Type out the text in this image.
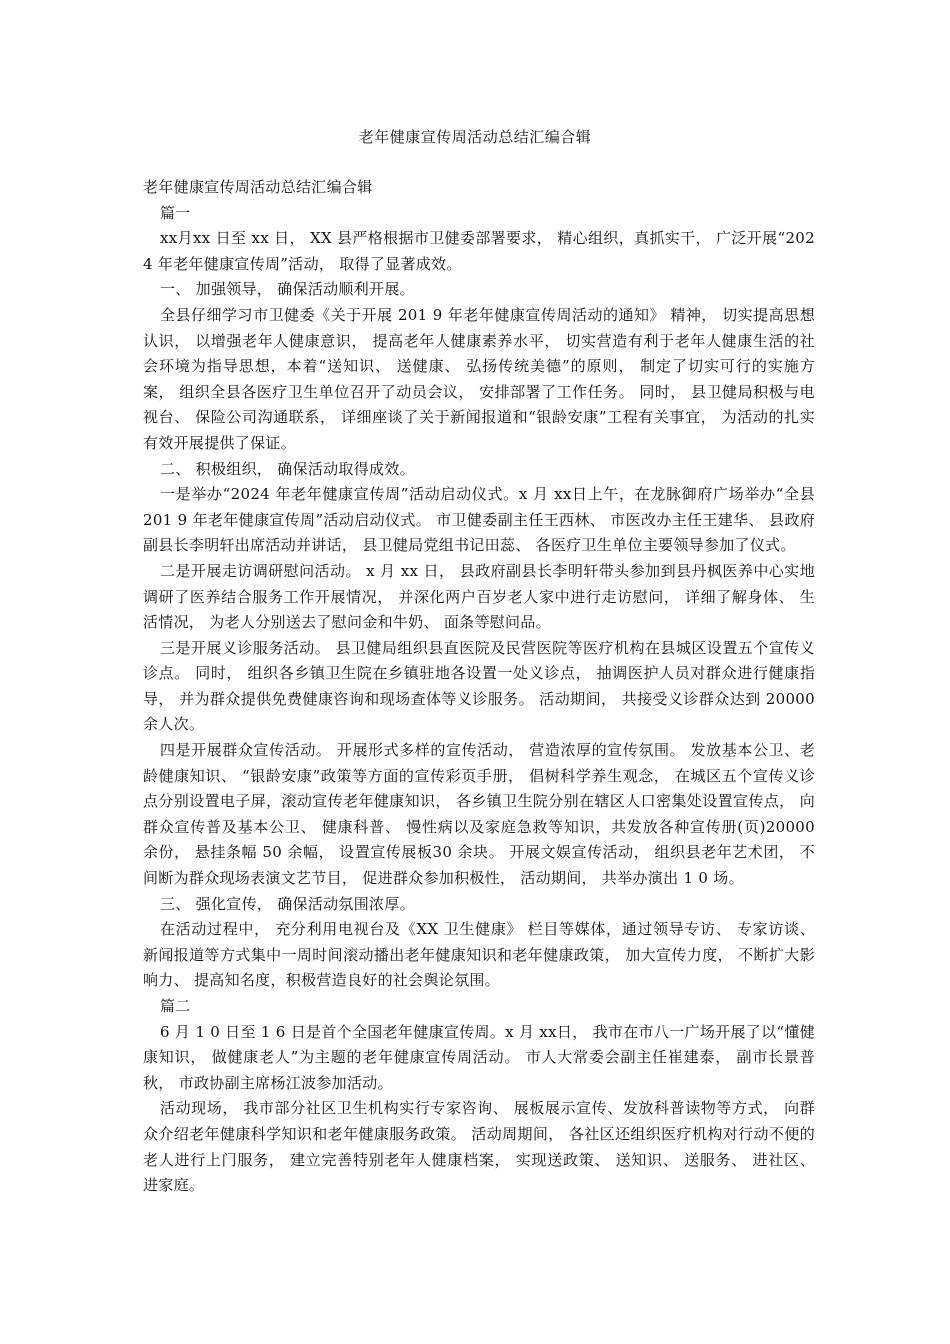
老年健康宣传周活动总结汇编合辑

老年健康宣传周活动总结汇编合辑

篇一

xx月xx 日至 xx 日， XX 县严格根据市卫健委部署要求， 精心组织，真抓实干， 广泛开展“2024 年老年健康宣传周”活动， 取得了显著成效。

一、 加强领导， 确保活动顺利开展。

全县仔细学习市卫健委《关于开展 201 9 年老年健康宣传周活动的通知》 精神， 切实提高思想认识， 以增强老年人健康意识， 提高老年人健康素养水平， 切实营造有利于老年人健康生活的社会环境为指导思想，本着“送知识、 送健康、 弘扬传统美德”的原则， 制定了切实可行的实施方案， 组织全县各医疗卫生单位召开了动员会议， 安排部署了工作任务。 同时， 县卫健局积极与电视台、 保险公司沟通联系， 详细座谈了关于新闻报道和“银龄安康”工程有关事宜， 为活动的扎实有效开展提供了保证。

二、 积极组织， 确保活动取得成效。

一是举办“2024 年老年健康宣传周”活动启动仪式。x 月 xx日上午，在龙脉御府广场举办“全县 201 9 年老年健康宣传周”活动启动仪式。 市卫健委副主任王西林、 市医改办主任王建华、 县政府副县长李明轩出席活动并讲话， 县卫健局党组书记田蕊、 各医疗卫生单位主要领导参加了仪式。

二是开展走访调研慰问活动。 x 月 xx 日， 县政府副县长李明轩带头参加到县丹枫医养中心实地调研了医养结合服务工作开展情况， 并深化两户百岁老人家中进行走访慰问， 详细了解身体、 生活情况， 为老人分别送去了慰问金和牛奶、 面条等慰问品。

三是开展义诊服务活动。 县卫健局组织县直医院及民营医院等医疗机构在县城区设置五个宣传义诊点。 同时， 组织各乡镇卫生院在乡镇驻地各设置一处义诊点， 抽调医护人员对群众进行健康指导， 并为群众提供免费健康咨询和现场查体等义诊服务。 活动期间， 共接受义诊群众达到 20000 余人次。

四是开展群众宣传活动。 开展形式多样的宣传活动， 营造浓厚的宣传氛围。 发放基本公卫、老龄健康知识、 “银龄安康”政策等方面的宣传彩页手册， 倡树科学养生观念， 在城区五个宣传义诊点分别设置电子屏，滚动宣传老年健康知识， 各乡镇卫生院分别在辖区人口密集处设置宣传点， 向群众宣传普及基本公卫、 健康科普、 慢性病以及家庭急救等知识，共发放各种宣传册(页)20000 余份， 悬挂条幅 50 余幅， 设置宣传展板30 余块。 开展文娱宣传活动， 组织县老年艺术团， 不间断为群众现场表演文艺节目， 促进群众参加积极性， 活动期间， 共举办演出 1 0 场。

三、 强化宣传， 确保活动氛围浓厚。

在活动过程中， 充分利用电视台及《XX 卫生健康》 栏目等媒体，通过领导专访、 专家访谈、 新闻报道等方式集中一周时间滚动播出老年健康知识和老年健康政策， 加大宣传力度， 不断扩大影响力、 提高知名度，积极营造良好的社会舆论氛围。

篇二

6 月 1 0 日至 1 6 日是首个全国老年健康宣传周。x 月 xx日， 我市在市八一广场开展了以“懂健康知识， 做健康老人”为主题的老年健康宣传周活动。 市人大常委会副主任崔建泰， 副市长景普秋， 市政协副主席杨江波参加活动。

活动现场， 我市部分社区卫生机构实行专家咨询、 展板展示宣传、发放科普读物等方式， 向群众介绍老年健康科学知识和老年健康服务政策。 活动周期间， 各社区还组织医疗机构对行动不便的老人进行上门服务， 建立完善特别老年人健康档案， 实现送政策、 送知识、 送服务、 进社区、 进家庭。
